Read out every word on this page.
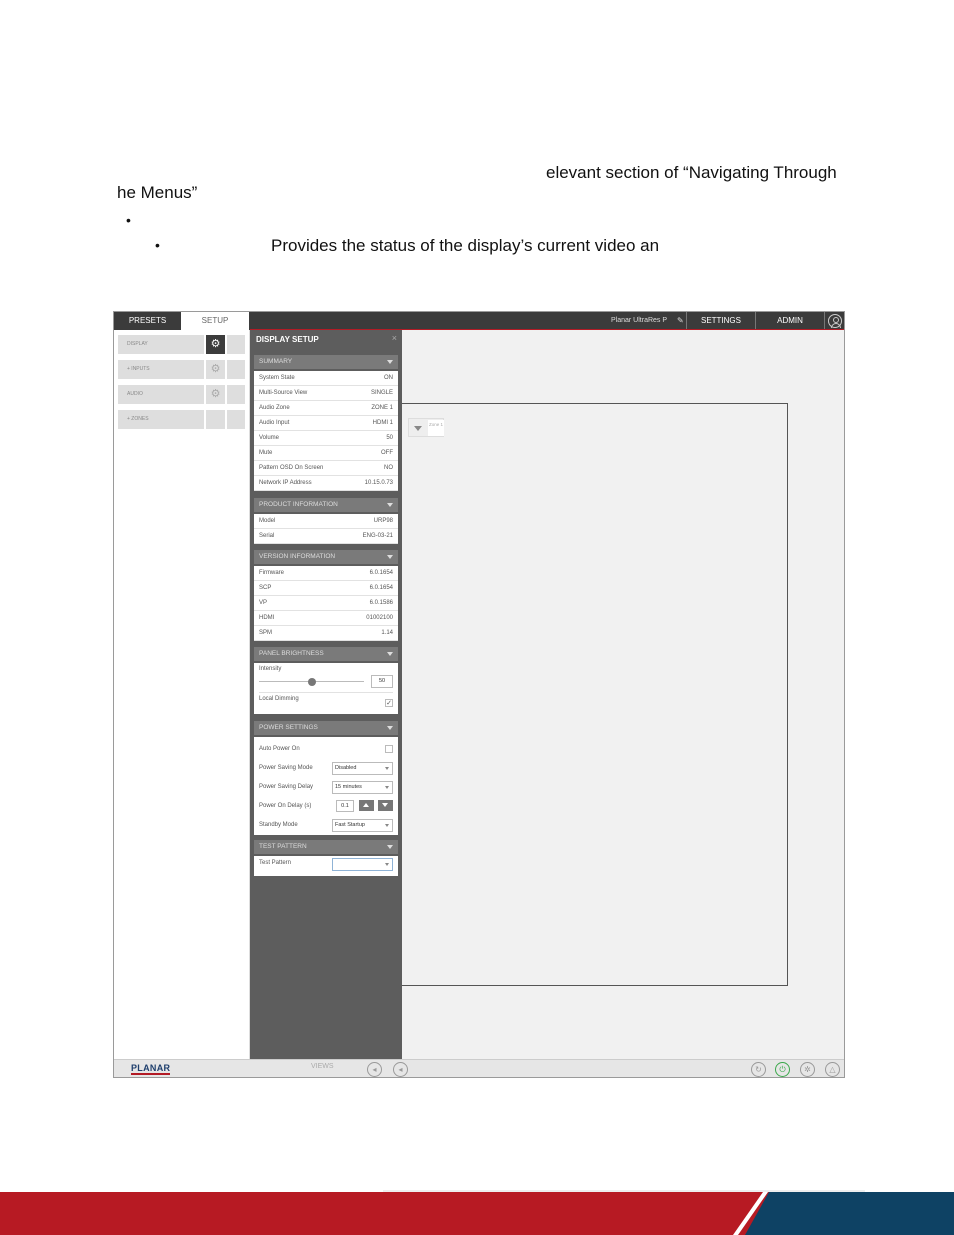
elevant section of “Navigating Through
he Menus”
•
•	Provides the status of the display’s current video an
PRESETS	SETUP	Planar UltraRes P ✎	SETTINGS	ADMIN
DISPLAY	⚙
+ INPUTS	⚙
AUDIO	⚙
+ ZONES
DISPLAY SETUP	×
SUMMARY
System State	ON
Multi-Source View	SINGLE
Audio Zone	ZONE 1
Audio Input	HDMI 1
Volume	50
Mute	OFF
Pattern OSD On Screen	NO
Network IP Address	10.15.0.73
PRODUCT INFORMATION
Model	URP98
Serial	ENG-03-21
VERSION INFORMATION
Firmware	6.0.1654
SCP	6.0.1654
VP	6.0.1586
HDMI	01002100
SPM	1.14
PANEL BRIGHTNESS
Intensity
50
Local Dimming
✓
POWER SETTINGS
Auto Power On
Power Saving Mode	Disabled
Power Saving Delay	15 minutes
Power On Delay (s)	0.1
Standby Mode	Fast Startup
TEST PATTERN
Test Pattern
Zone 1
PLANAR	VIEWS	◂	◂	↻	⏻	✲	△
